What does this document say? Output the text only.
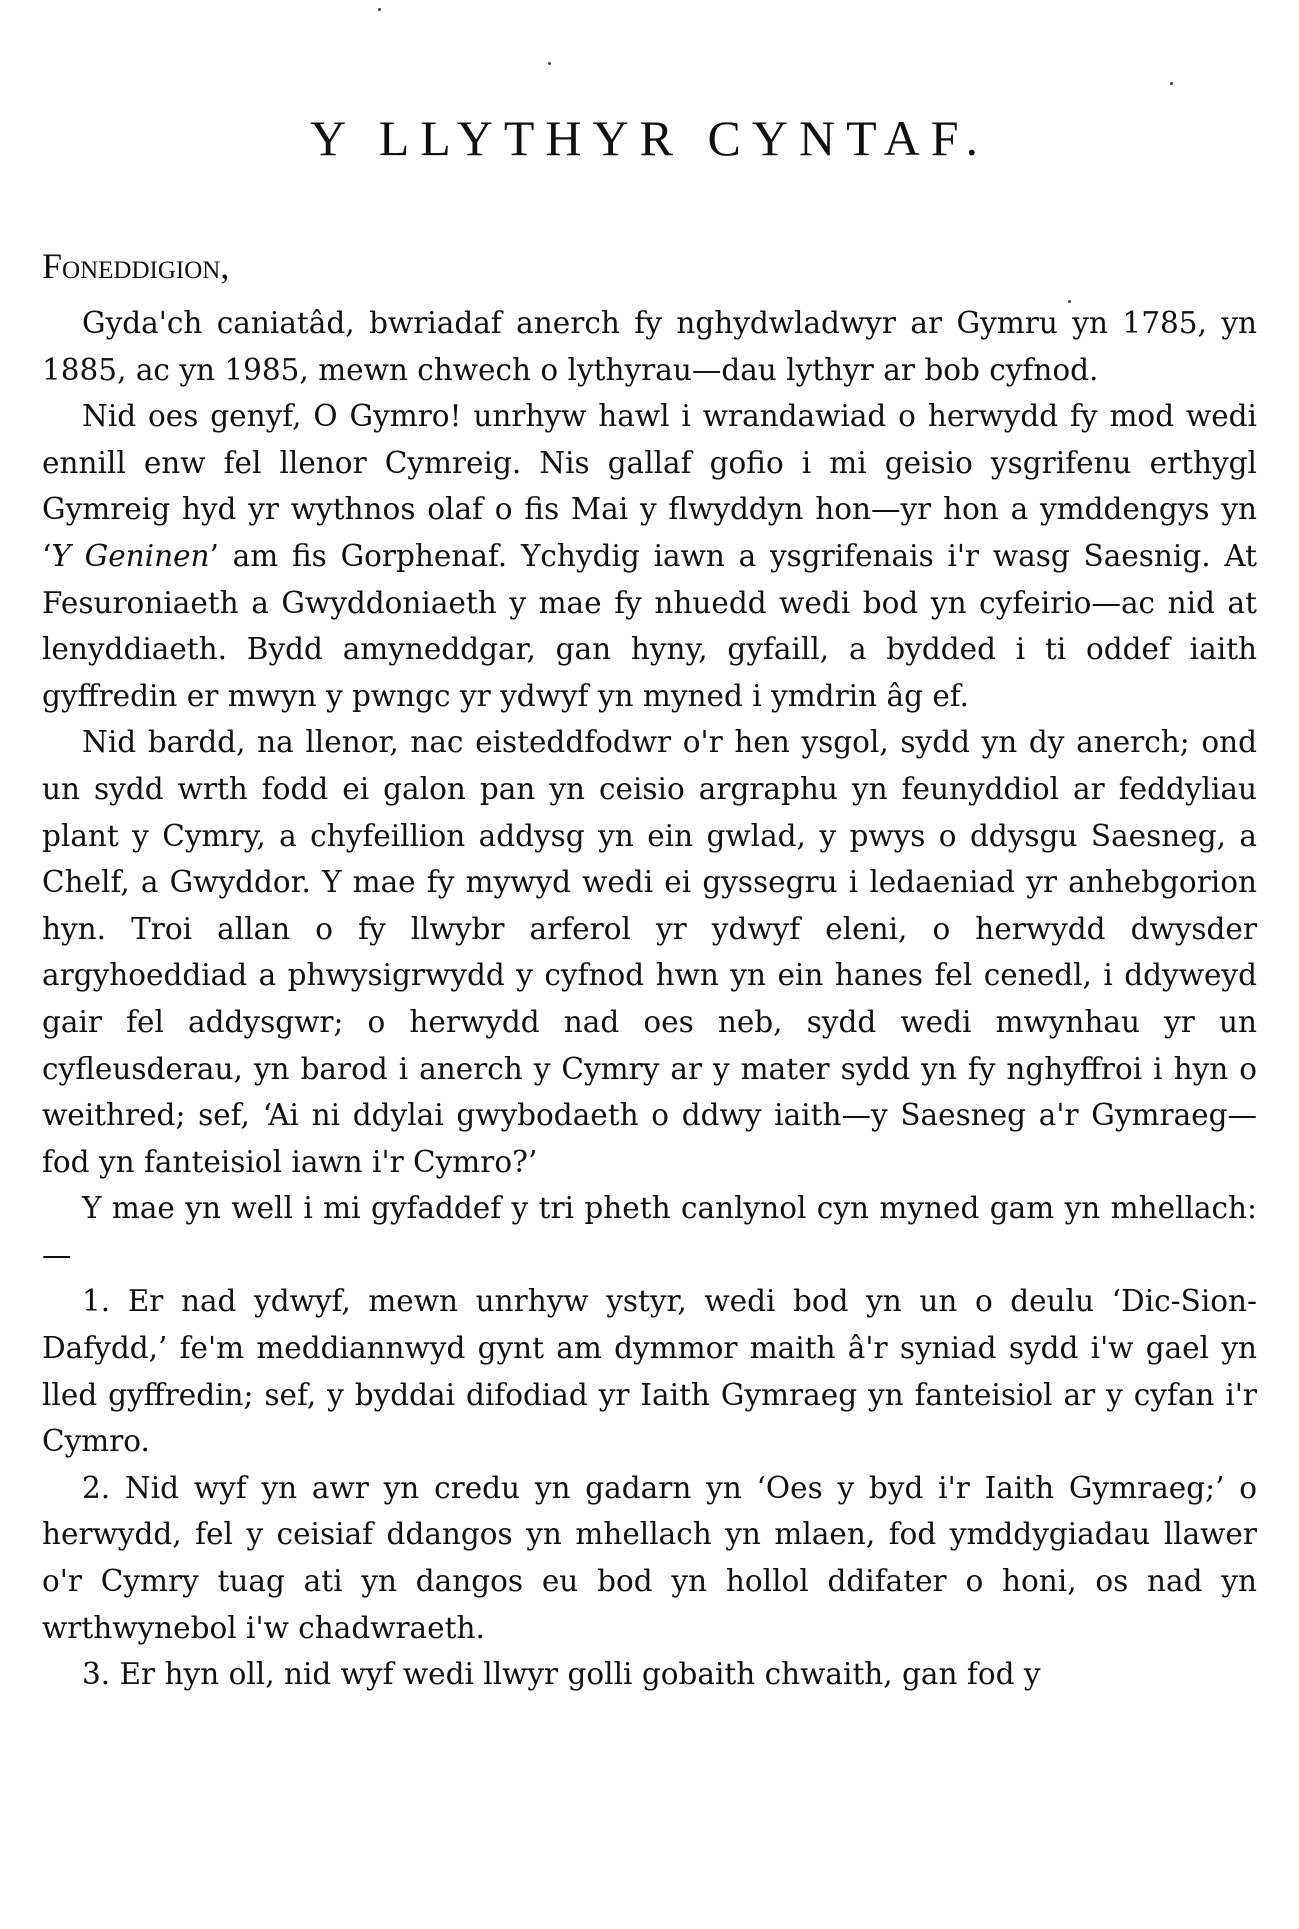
Y LLYTHYR CYNTAF.
Foneddigion,

Gyda'ch caniatâd, bwriadaf anerch fy nghydwladwyr ar Gymru yn 1785, yn 1885, ac yn 1985, mewn chwech o lythyrau—dau lythyr ar bob cyfnod.

Nid oes genyf, O Gymro! unrhyw hawl i wrandawiad o herwydd fy mod wedi ennill enw fel llenor Cymreig. Nis gallaf gofio i mi geisio ysgrifenu erthygl Gymreig hyd yr wythnos olaf o fis Mai y flwyddyn hon—yr hon a ymddengys yn ‘Y Geninen’ am fis Gorphenaf. Ychydig iawn a ysgrifenais i'r wasg Saesnig. At Fesuroniaeth a Gwyddoniaeth y mae fy nhuedd wedi bod yn cyfeirio—ac nid at lenyddiaeth. Bydd amyneddgar, gan hyny, gyfaill, a bydded i ti oddef iaith gyffredin er mwyn y pwngc yr ydwyf yn myned i ymdrin âg ef.

Nid bardd, na llenor, nac eisteddfodwr o'r hen ysgol, sydd yn dy anerch; ond un sydd wrth fodd ei galon pan yn ceisio argraphu yn feunyddiol ar feddyliau plant y Cymry, a chyfeillion addysg yn ein gwlad, y pwys o ddysgu Saesneg, a Chelf, a Gwyddor. Y mae fy mywyd wedi ei gyssegru i ledaeniad yr anhebgorion hyn. Troi allan o fy llwybr arferol yr ydwyf eleni, o herwydd dwysder argyhoeddiad a phwysigrwydd y cyfnod hwn yn ein hanes fel cenedl, i ddyweyd gair fel addysgwr; o herwydd nad oes neb, sydd wedi mwynhau yr un cyfleusderau, yn barod i anerch y Cymry ar y mater sydd yn fy nghyffroi i hyn o weithred; sef, ‘Ai ni ddylai gwybodaeth o ddwy iaith—y Saesneg a'r Gymraeg—fod yn fanteisiol iawn i'r Cymro?’

Y mae yn well i mi gyfaddef y tri pheth canlynol cyn myned gam yn mhellach:—

1. Er nad ydwyf, mewn unrhyw ystyr, wedi bod yn un o deulu ‘Dic-Sion-Dafydd,’ fe'm meddiannwyd gynt am dymmor maith â'r syniad sydd i'w gael yn lled gyffredin; sef, y byddai difodiad yr Iaith Gymraeg yn fanteisiol ar y cyfan i'r Cymro.

2. Nid wyf yn awr yn credu yn gadarn yn ‘Oes y byd i'r Iaith Gymraeg;’ o herwydd, fel y ceisiaf ddangos yn mhellach yn mlaen, fod ymddygiadau llawer o'r Cymry tuag ati yn dangos eu bod yn hollol ddifater o honi, os nad yn wrthwynebol i'w chadwraeth.

3. Er hyn oll, nid wyf wedi llwyr golli gobaith chwaith, gan fod y
